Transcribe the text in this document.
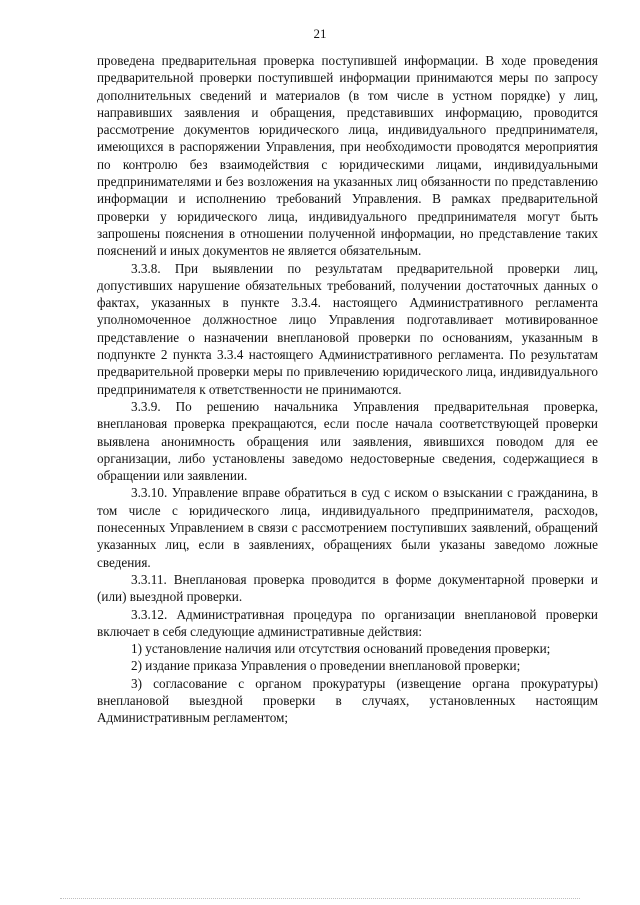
21

проведена предварительная проверка поступившей информации. В ходе проведения предварительной проверки поступившей информации принимаются меры по запросу дополнительных сведений и материалов (в том числе в устном порядке) у лиц, направивших заявления и обращения, представивших информацию, проводится рассмотрение документов юридического лица, индивидуального предпринимателя, имеющихся в распоряжении Управления, при необходимости проводятся мероприятия по контролю без взаимодействия с юридическими лицами, индивидуальными предпринимателями и без возложения на указанных лиц обязанности по представлению информации и исполнению требований Управления. В рамках предварительной проверки у юридического лица, индивидуального предпринимателя могут быть запрошены пояснения в отношении полученной информации, но представление таких пояснений и иных документов не является обязательным.

3.3.8. При выявлении по результатам предварительной проверки лиц, допустивших нарушение обязательных требований, получении достаточных данных о фактах, указанных в пункте 3.3.4. настоящего Административного регламента уполномоченное должностное лицо Управления подготавливает мотивированное представление о назначении внеплановой проверки по основаниям, указанным в подпункте 2 пункта 3.3.4 настоящего Административного регламента. По результатам предварительной проверки меры по привлечению юридического лица, индивидуального предпринимателя к ответственности не принимаются.

3.3.9. По решению начальника Управления предварительная проверка, внеплановая проверка прекращаются, если после начала соответствующей проверки выявлена анонимность обращения или заявления, явившихся поводом для ее организации, либо установлены заведомо недостоверные сведения, содержащиеся в обращении или заявлении.

3.3.10. Управление вправе обратиться в суд с иском о взыскании с гражданина, в том числе с юридического лица, индивидуального предпринимателя, расходов, понесенных Управлением в связи с рассмотрением поступивших заявлений, обращений указанных лиц, если в заявлениях, обращениях были указаны заведомо ложные сведения.

3.3.11. Внеплановая проверка проводится в форме документарной проверки и (или) выездной проверки.

3.3.12. Административная процедура по организации внеплановой проверки включает в себя следующие административные действия:

1) установление наличия или отсутствия оснований проведения проверки;

2) издание приказа Управления о проведении внеплановой проверки;

3) согласование с органом прокуратуры (извещение органа прокуратуры) внеплановой выездной проверки в случаях, установленных настоящим Административным регламентом;
